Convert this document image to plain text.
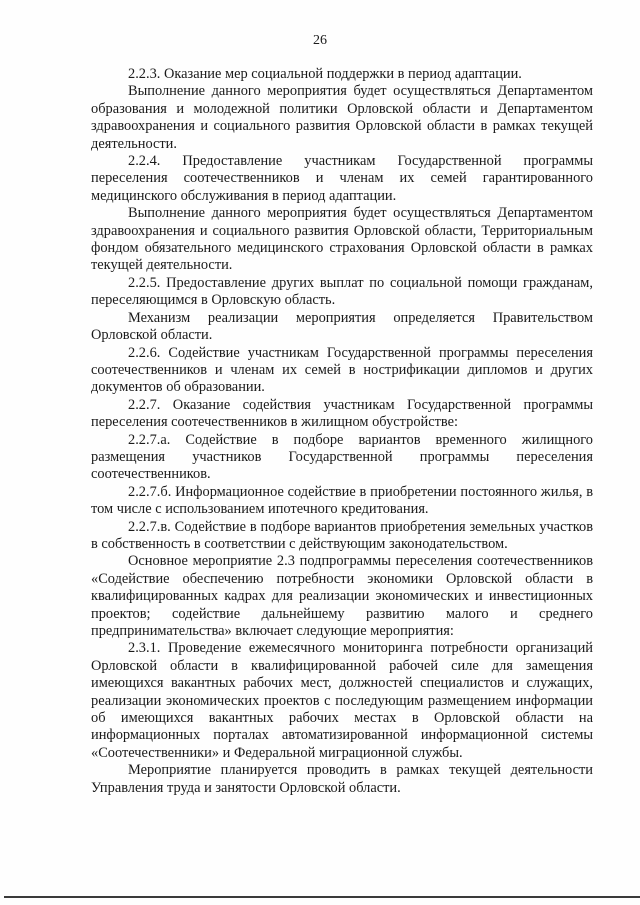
26

2.2.3. Оказание мер социальной поддержки в период адаптации.

Выполнение данного мероприятия будет осуществляться Департаментом образования и молодежной политики Орловской области и Департаментом здравоохранения и социального развития Орловской области в рамках текущей деятельности.

2.2.4. Предоставление участникам Государственной программы переселения соотечественников и членам их семей гарантированного медицинского обслуживания в период адаптации.

Выполнение данного мероприятия будет осуществляться Департаментом здравоохранения и социального развития Орловской области, Территориальным фондом обязательного медицинского страхования Орловской области в рамках текущей деятельности.

2.2.5. Предоставление других выплат по социальной помощи гражданам, переселяющимся в Орловскую область.

Механизм реализации мероприятия определяется Правительством Орловской области.

2.2.6. Содействие участникам Государственной программы переселения соотечественников и членам их семей в нострификации дипломов и других документов об образовании.

2.2.7. Оказание содействия участникам Государственной программы переселения соотечественников в жилищном обустройстве:

2.2.7.а. Содействие в подборе вариантов временного жилищного размещения участников Государственной программы переселения соотечественников.

2.2.7.б. Информационное содействие в приобретении постоянного жилья, в том числе с использованием ипотечного кредитования.

2.2.7.в. Содействие в подборе вариантов приобретения земельных участков в собственность в соответствии с действующим законодательством.

Основное мероприятие 2.3 подпрограммы переселения соотечественников «Содействие обеспечению потребности экономики Орловской области в квалифицированных кадрах для реализации экономических и инвестиционных проектов; содействие дальнейшему развитию малого и среднего предпринимательства» включает следующие мероприятия:

2.3.1. Проведение ежемесячного мониторинга потребности организаций Орловской области в квалифицированной рабочей силе для замещения имеющихся вакантных рабочих мест, должностей специалистов и служащих, реализации экономических проектов с последующим размещением информации об имеющихся вакантных рабочих местах в Орловской области на информационных порталах автоматизированной информационной системы «Соотечественники» и Федеральной миграционной службы.

Мероприятие планируется проводить в рамках текущей деятельности Управления труда и занятости Орловской области.
